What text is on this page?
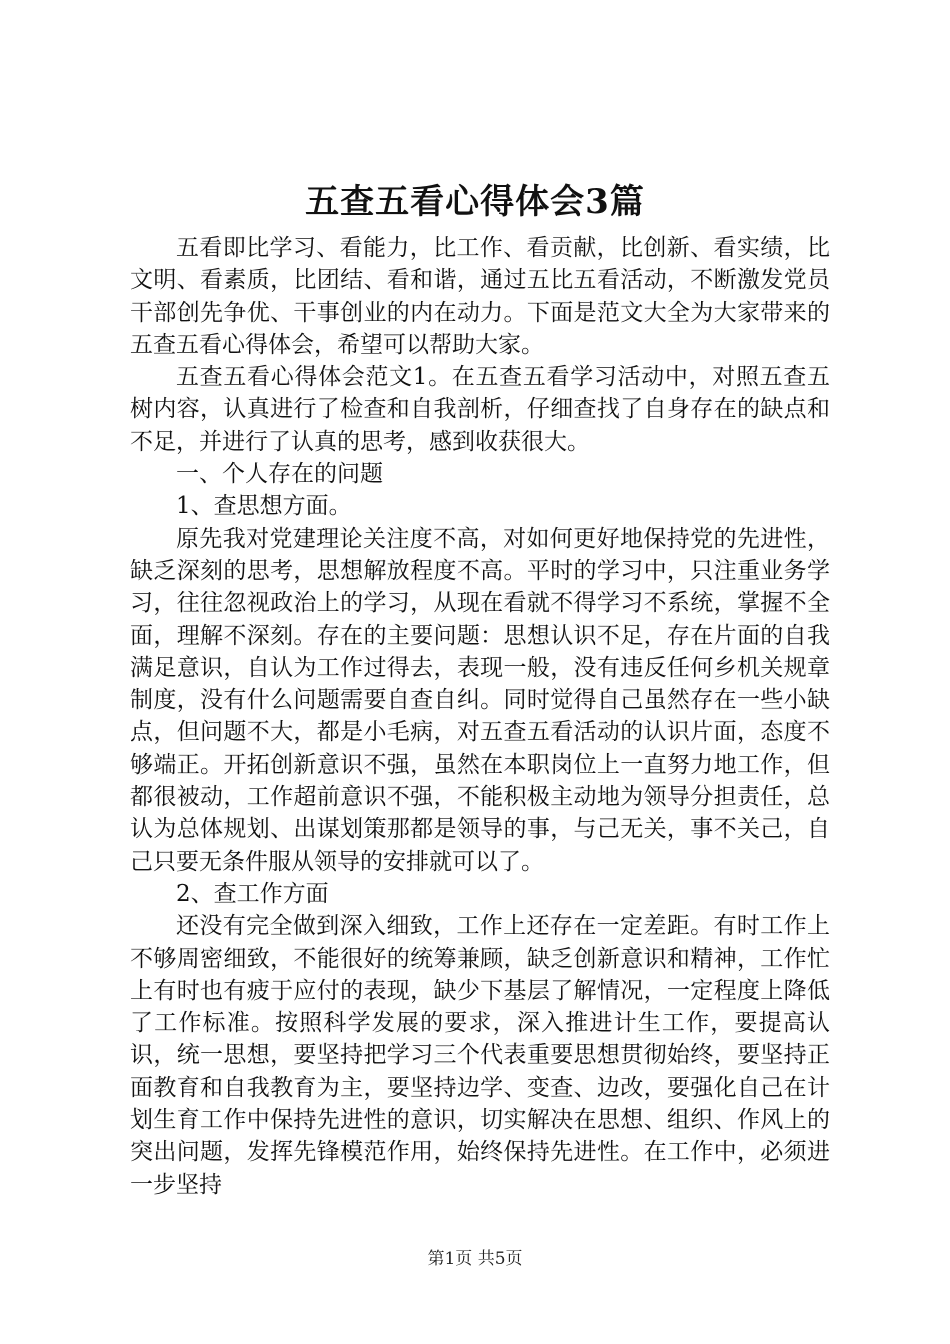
五查五看心得体会3篇

五看即比学习、看能力，比工作、看贡献，比创新、看实绩，比文明、看素质，比团结、看和谐，通过五比五看活动，不断激发党员干部创先争优、干事创业的内在动力。下面是范文大全为大家带来的五查五看心得体会，希望可以帮助大家。

五查五看心得体会范文1。在五查五看学习活动中，对照五查五树内容，认真进行了检查和自我剖析，仔细查找了自身存在的缺点和不足，并进行了认真的思考，感到收获很大。

一、个人存在的问题

1、查思想方面。

原先我对党建理论关注度不高，对如何更好地保持党的先进性，缺乏深刻的思考，思想解放程度不高。平时的学习中，只注重业务学习，往往忽视政治上的学习，从现在看就不得学习不系统，掌握不全面，理解不深刻。存在的主要问题：思想认识不足，存在片面的自我满足意识，自认为工作过得去，表现一般，没有违反任何乡机关规章制度，没有什么问题需要自查自纠。同时觉得自己虽然存在一些小缺点，但问题不大，都是小毛病，对五查五看活动的认识片面，态度不够端正。开拓创新意识不强，虽然在本职岗位上一直努力地工作，但都很被动，工作超前意识不强，不能积极主动地为领导分担责任，总认为总体规划、出谋划策那都是领导的事，与己无关，事不关己，自己只要无条件服从领导的安排就可以了。

2、查工作方面

还没有完全做到深入细致，工作上还存在一定差距。有时工作上不够周密细致，不能很好的统筹兼顾，缺乏创新意识和精神，工作忙上有时也有疲于应付的表现，缺少下基层了解情况，一定程度上降低了工作标准。按照科学发展的要求，深入推进计生工作，要提高认识，统一思想，要坚持把学习三个代表重要思想贯彻始终，要坚持正面教育和自我教育为主，要坚持边学、变查、边改，要强化自己在计划生育工作中保持先进性的意识，切实解决在思想、组织、作风上的突出问题，发挥先锋模范作用，始终保持先进性。在工作中，必须进一步坚持

第1页 共5页
